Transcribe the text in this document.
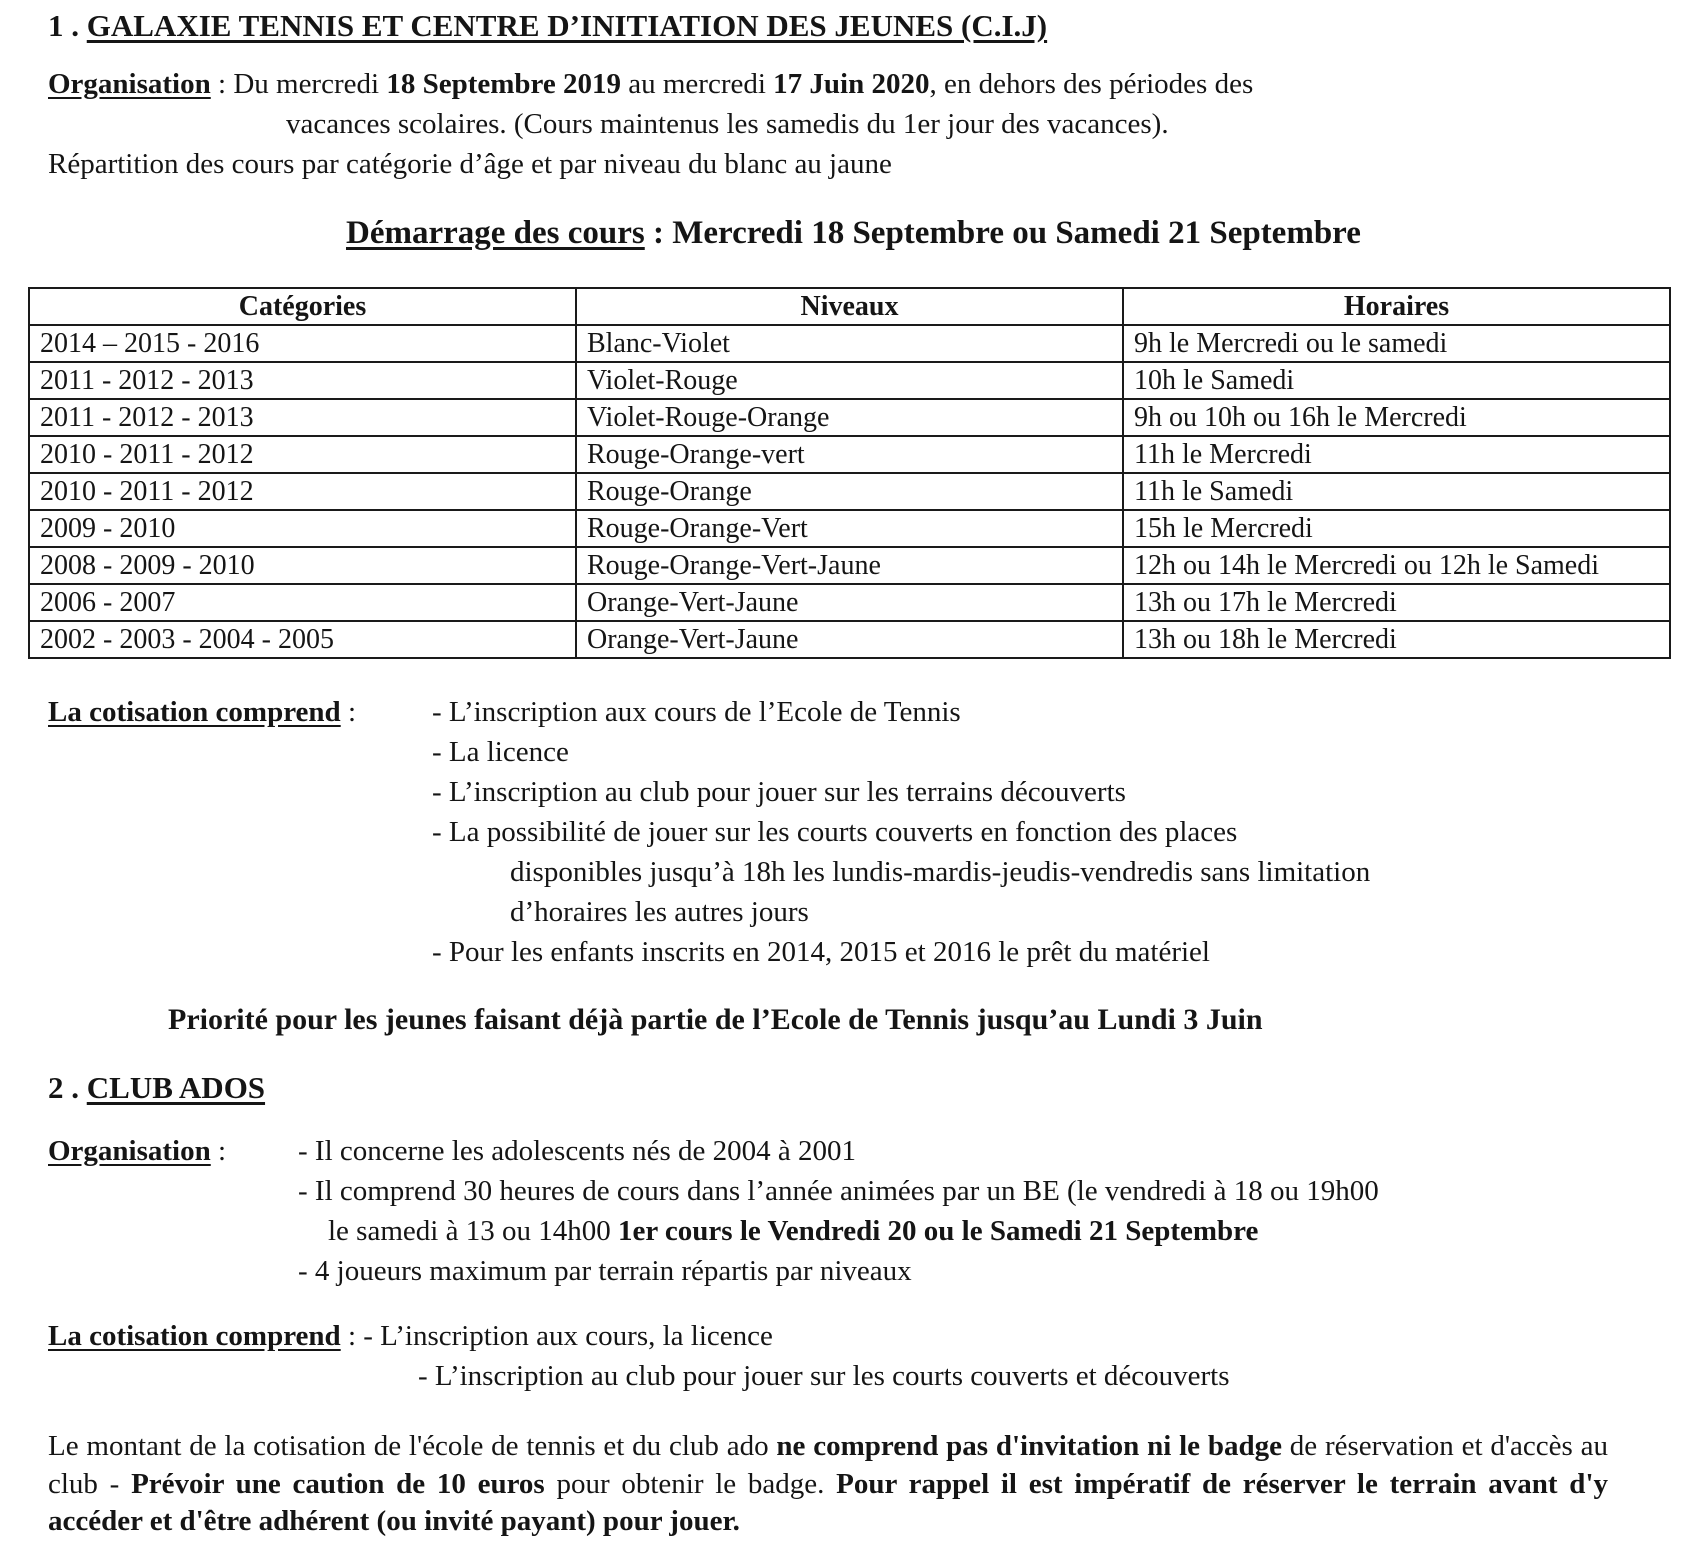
1 . GALAXIE TENNIS ET CENTRE D’INITIATION DES JEUNES (C.I.J)
Organisation : Du mercredi 18 Septembre 2019 au mercredi 17 Juin 2020, en dehors des périodes des
vacances scolaires. (Cours maintenus les samedis du 1er jour des vacances).
Répartition des cours par catégorie d’âge et par niveau du blanc au jaune
Démarrage des cours : Mercredi 18 Septembre ou Samedi 21 Septembre
Catégories	Niveaux	Horaires
2014 – 2015 - 2016	Blanc-Violet	9h le Mercredi ou le samedi
2011 - 2012 - 2013	Violet-Rouge	10h le Samedi
2011 - 2012 - 2013	Violet-Rouge-Orange	9h ou 10h ou 16h le Mercredi
2010 - 2011 - 2012	Rouge-Orange-vert	11h le Mercredi
2010 - 2011 - 2012	Rouge-Orange	11h le Samedi
2009 - 2010	Rouge-Orange-Vert	15h le Mercredi
2008 - 2009 - 2010	Rouge-Orange-Vert-Jaune	12h ou 14h le Mercredi ou 12h le Samedi
2006 - 2007	Orange-Vert-Jaune	13h ou 17h le Mercredi
2002 - 2003 - 2004 - 2005	Orange-Vert-Jaune	13h ou 18h le Mercredi
La cotisation comprend :	- L’inscription aux cours de l’Ecole de Tennis
- La licence
- L’inscription au club pour jouer sur les terrains découverts
- La possibilité de jouer sur les courts couverts en fonction des places
disponibles jusqu’à 18h les lundis-mardis-jeudis-vendredis sans limitation
d’horaires les autres jours
- Pour les enfants inscrits en 2014, 2015 et 2016 le prêt du matériel
Priorité pour les jeunes faisant déjà partie de l’Ecole de Tennis jusqu’au Lundi 3 Juin
2 . CLUB ADOS
Organisation : - Il concerne les adolescents nés de 2004 à 2001
- Il comprend 30 heures de cours dans l’année animées par un BE (le vendredi à 18 ou 19h00
le samedi à 13 ou 14h00 1er cours le Vendredi 20 ou le Samedi 21 Septembre
- 4 joueurs maximum par terrain répartis par niveaux
La cotisation comprend : - L’inscription aux cours, la licence
- L’inscription au club pour jouer sur les courts couverts et découverts
Le montant de la cotisation de l'école de tennis et du club ado ne comprend pas d'invitation ni le badge de réservation et d'accès au club - Prévoir une caution de 10 euros pour obtenir le badge. Pour rappel il est impératif de réserver le terrain avant d'y accéder et d'être adhérent (ou invité payant) pour jouer.
